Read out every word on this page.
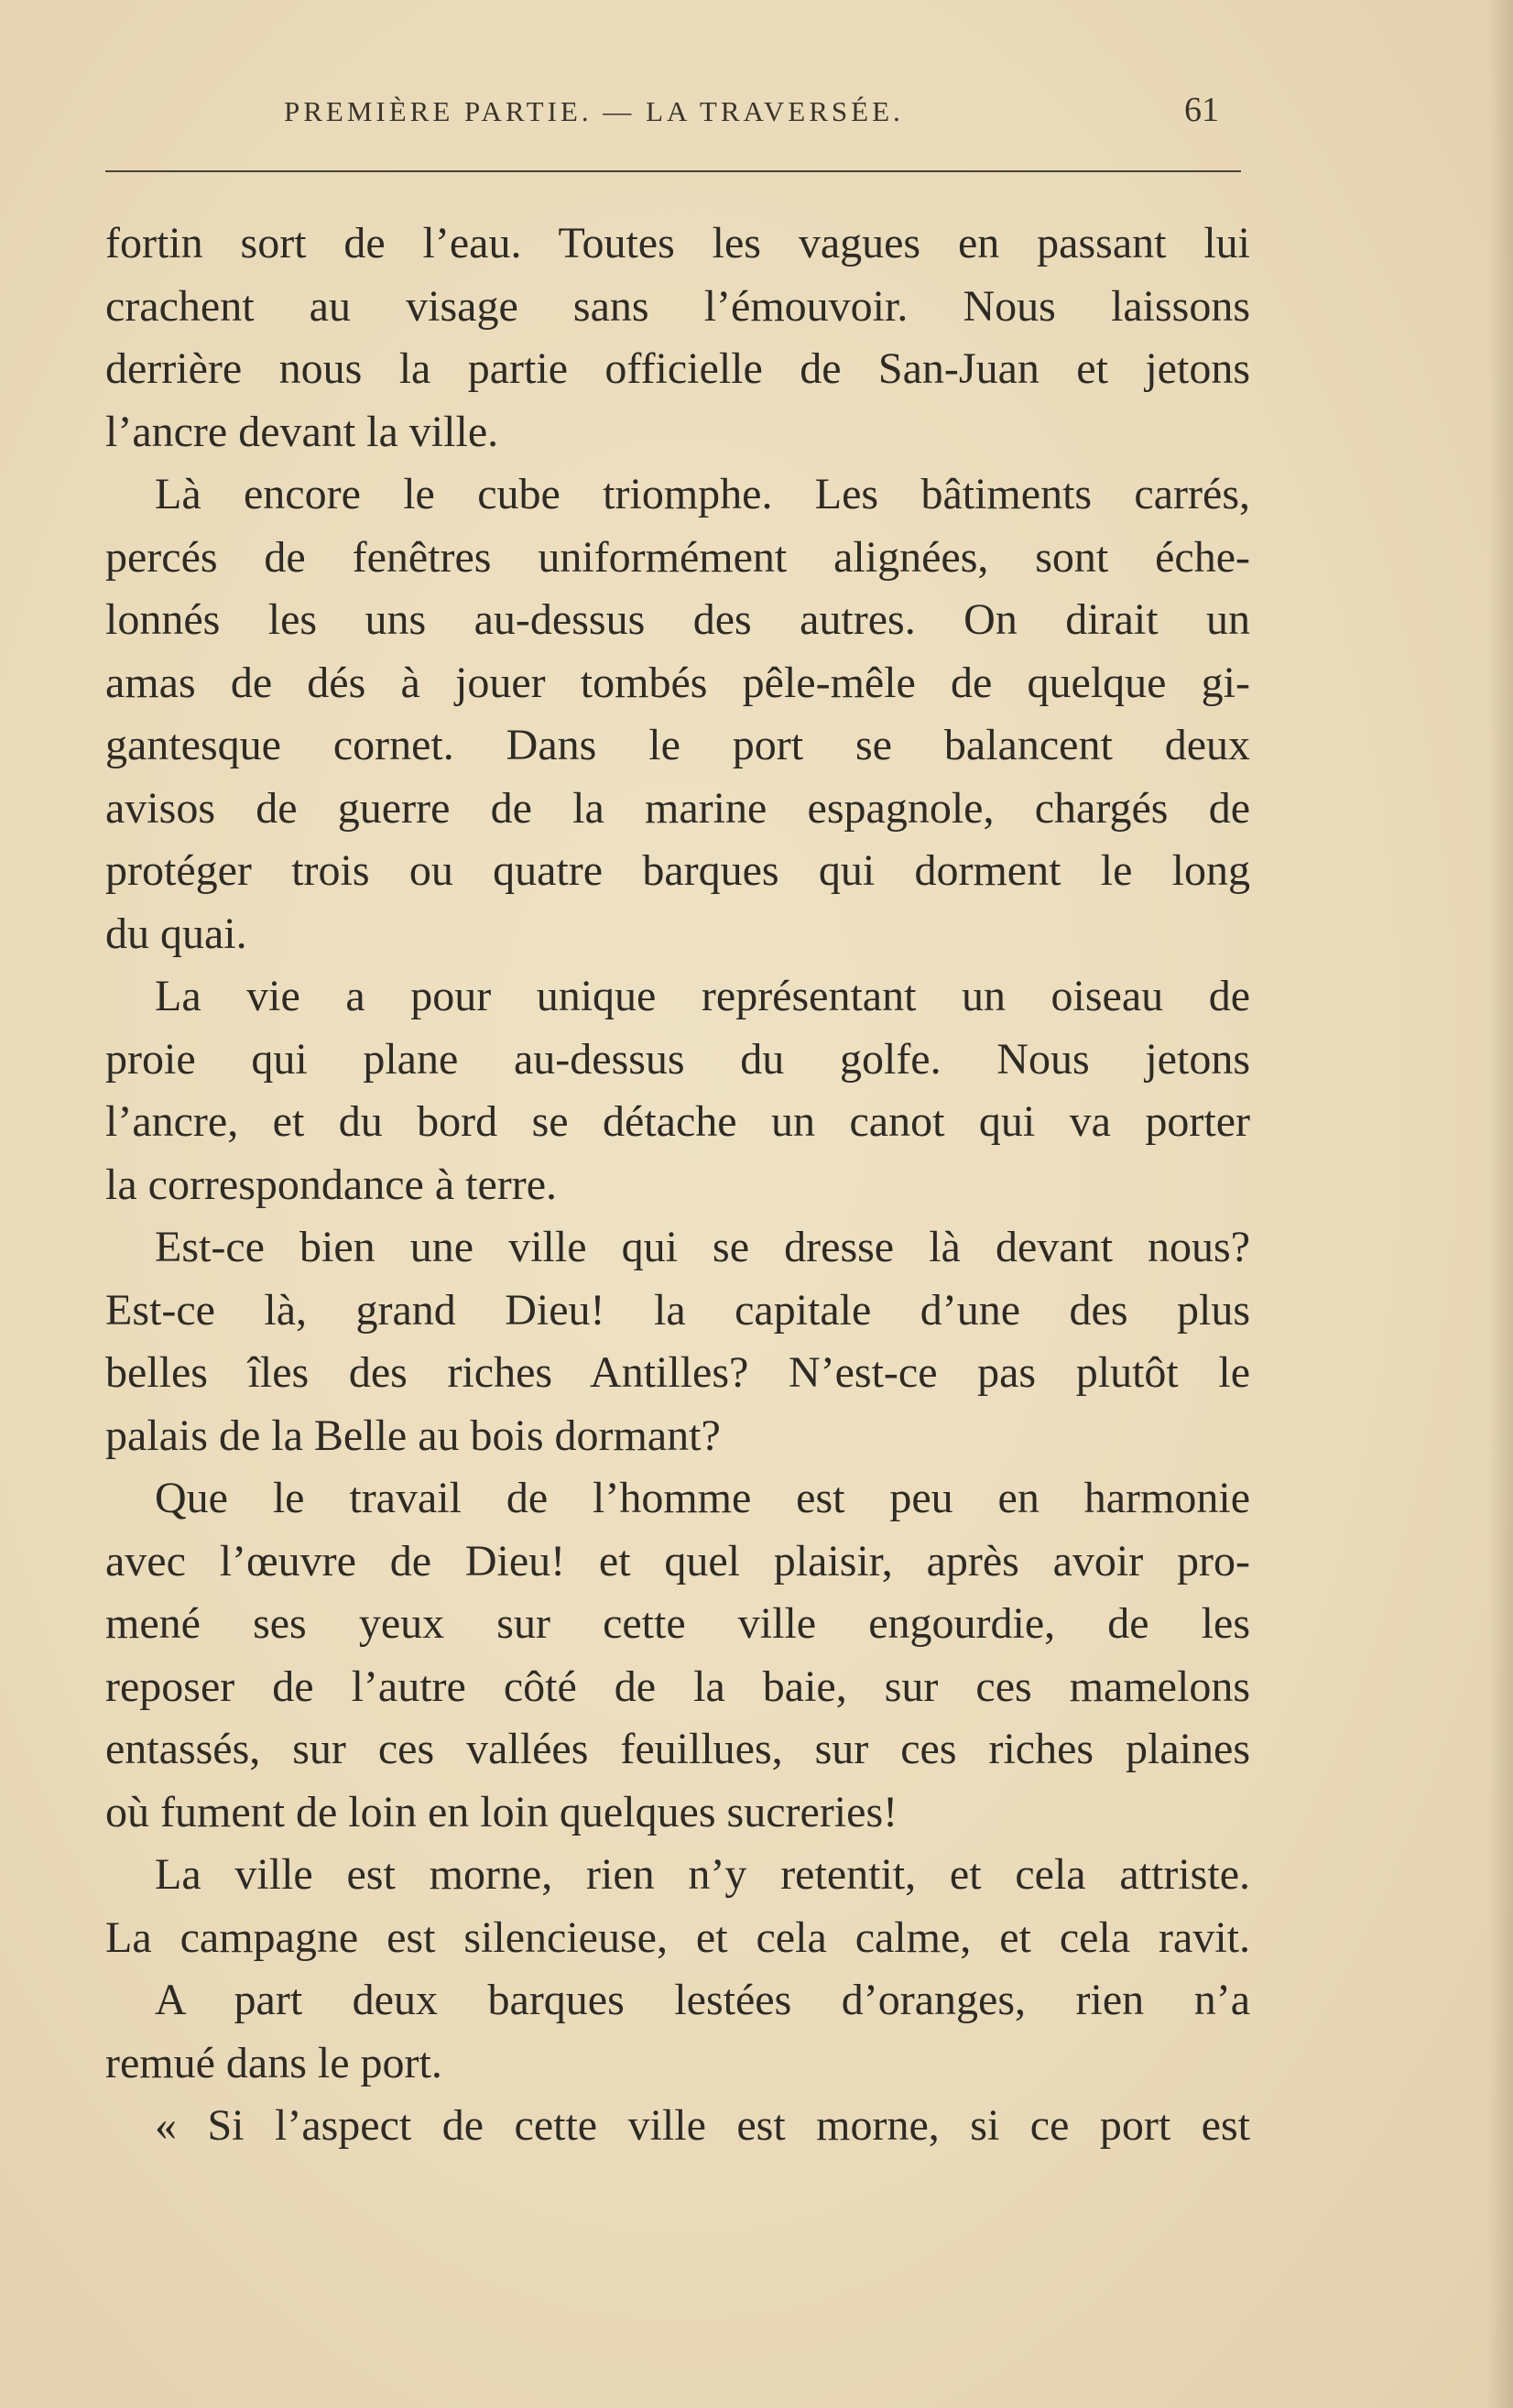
PREMIÈRE PARTIE. — LA TRAVERSÉE.	61
fortin sort de l’eau. Toutes les vagues en passant lui
crachent au visage sans l’émouvoir. Nous laissons
derrière nous la partie officielle de San-Juan et jetons
l’ancre devant la ville.
Là encore le cube triomphe. Les bâtiments carrés,
percés de fenêtres uniformément alignées, sont éche-
lonnés les uns au-dessus des autres. On dirait un
amas de dés à jouer tombés pêle-mêle de quelque gi-
gantesque cornet. Dans le port se balancent deux
avisos de guerre de la marine espagnole, chargés de
protéger trois ou quatre barques qui dorment le long
du quai.
La vie a pour unique représentant un oiseau de
proie qui plane au-dessus du golfe. Nous jetons
l’ancre, et du bord se détache un canot qui va porter
la correspondance à terre.
Est-ce bien une ville qui se dresse là devant nous?
Est-ce là, grand Dieu! la capitale d’une des plus
belles îles des riches Antilles? N’est-ce pas plutôt le
palais de la Belle au bois dormant?
Que le travail de l’homme est peu en harmonie
avec l’œuvre de Dieu! et quel plaisir, après avoir pro-
mené ses yeux sur cette ville engourdie, de les
reposer de l’autre côté de la baie, sur ces mamelons
entassés, sur ces vallées feuillues, sur ces riches plaines
où fument de loin en loin quelques sucreries!
La ville est morne, rien n’y retentit, et cela attriste.
La campagne est silencieuse, et cela calme, et cela ravit.
A part deux barques lestées d’oranges, rien n’a
remué dans le port.
« Si l’aspect de cette ville est morne, si ce port est
